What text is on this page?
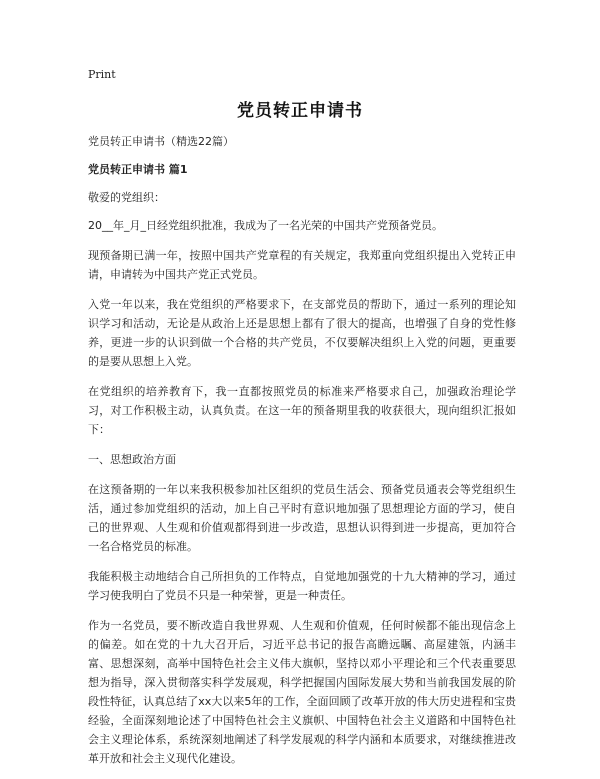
Print
党员转正申请书

党员转正申请书（精选22篇）

党员转正申请书 篇1

敬爱的党组织：

20__年_月_日经党组织批准，我成为了一名光荣的中国共产党预备党员。

现预备期已满一年，按照中国共产党章程的有关规定，我郑重向党组织提出入党转正申请，申请转为中国共产党正式党员。

入党一年以来，我在党组织的严格要求下，在支部党员的帮助下，通过一系列的理论知识学习和活动，无论是从政治上还是思想上都有了很大的提高，也增强了自身的党性修养，更进一步的认识到做一个合格的共产党员，不仅要解决组织上入党的问题，更重要的是要从思想上入党。

在党组织的培养教育下，我一直都按照党员的标准来严格要求自己，加强政治理论学习，对工作积极主动，认真负责。在这一年的预备期里我的收获很大，现向组织汇报如下：

一、思想政治方面

在这预备期的一年以来我积极参加社区组织的党员生活会、预备党员通表会等党组织生活，通过参加党组织的活动，加上自己平时有意识地加强了思想理论方面的学习，使自己的世界观、人生观和价值观都得到进一步改造，思想认识得到进一步提高，更加符合一名合格党员的标准。

我能积极主动地结合自己所担负的工作特点，自觉地加强党的十九大精神的学习，通过学习使我明白了党员不只是一种荣誉，更是一种责任。

作为一名党员，要不断改造自我世界观、人生观和价值观，任何时候都不能出现信念上的偏差。如在党的十九大召开后，习近平总书记的报告高瞻远瞩、高屋建瓴，内涵丰富、思想深刻，高举中国特色社会主义伟大旗帜，坚持以邓小平理论和三个代表重要思想为指导，深入贯彻落实科学发展观，科学把握国内国际发展大势和当前我国发展的阶段性特征，认真总结了xx大以来5年的工作，全面回顾了改革开放的伟大历史进程和宝贵经验，全面深刻地论述了中国特色社会主义旗帜、中国特色社会主义道路和中国特色社会主义理论体系，系统深刻地阐述了科学发展观的科学内涵和本质要求，对继续推进改革开放和社会主义现代化建设。
